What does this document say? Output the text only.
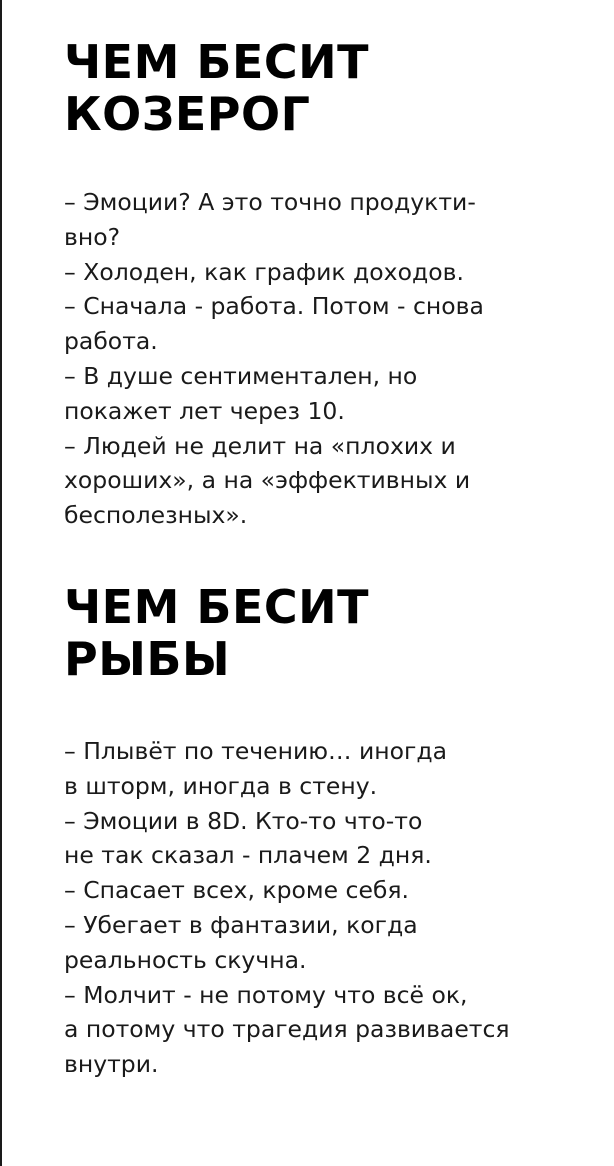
ЧЕМ БЕСИТ
КОЗЕРОГ
– Эмоции? А это точно продукти-
вно?
– Холоден, как график доходов.
– Сначала - работа. Потом - снова
работа.
– В душе сентиментален, но
покажет лет через 10.
– Людей не делит на «плохих и
хороших», а на «эффективных и
бесполезных».
ЧЕМ БЕСИТ
РЫБЫ
– Плывёт по течению… иногда
в шторм, иногда в стену.
– Эмоции в 8D. Кто-то что-то
не так сказал - плачем 2 дня.
– Спасает всех, кроме себя.
– Убегает в фантазии, когда
реальность скучна.
– Молчит - не потому что всё ок,
а потому что трагедия развивается
внутри.
